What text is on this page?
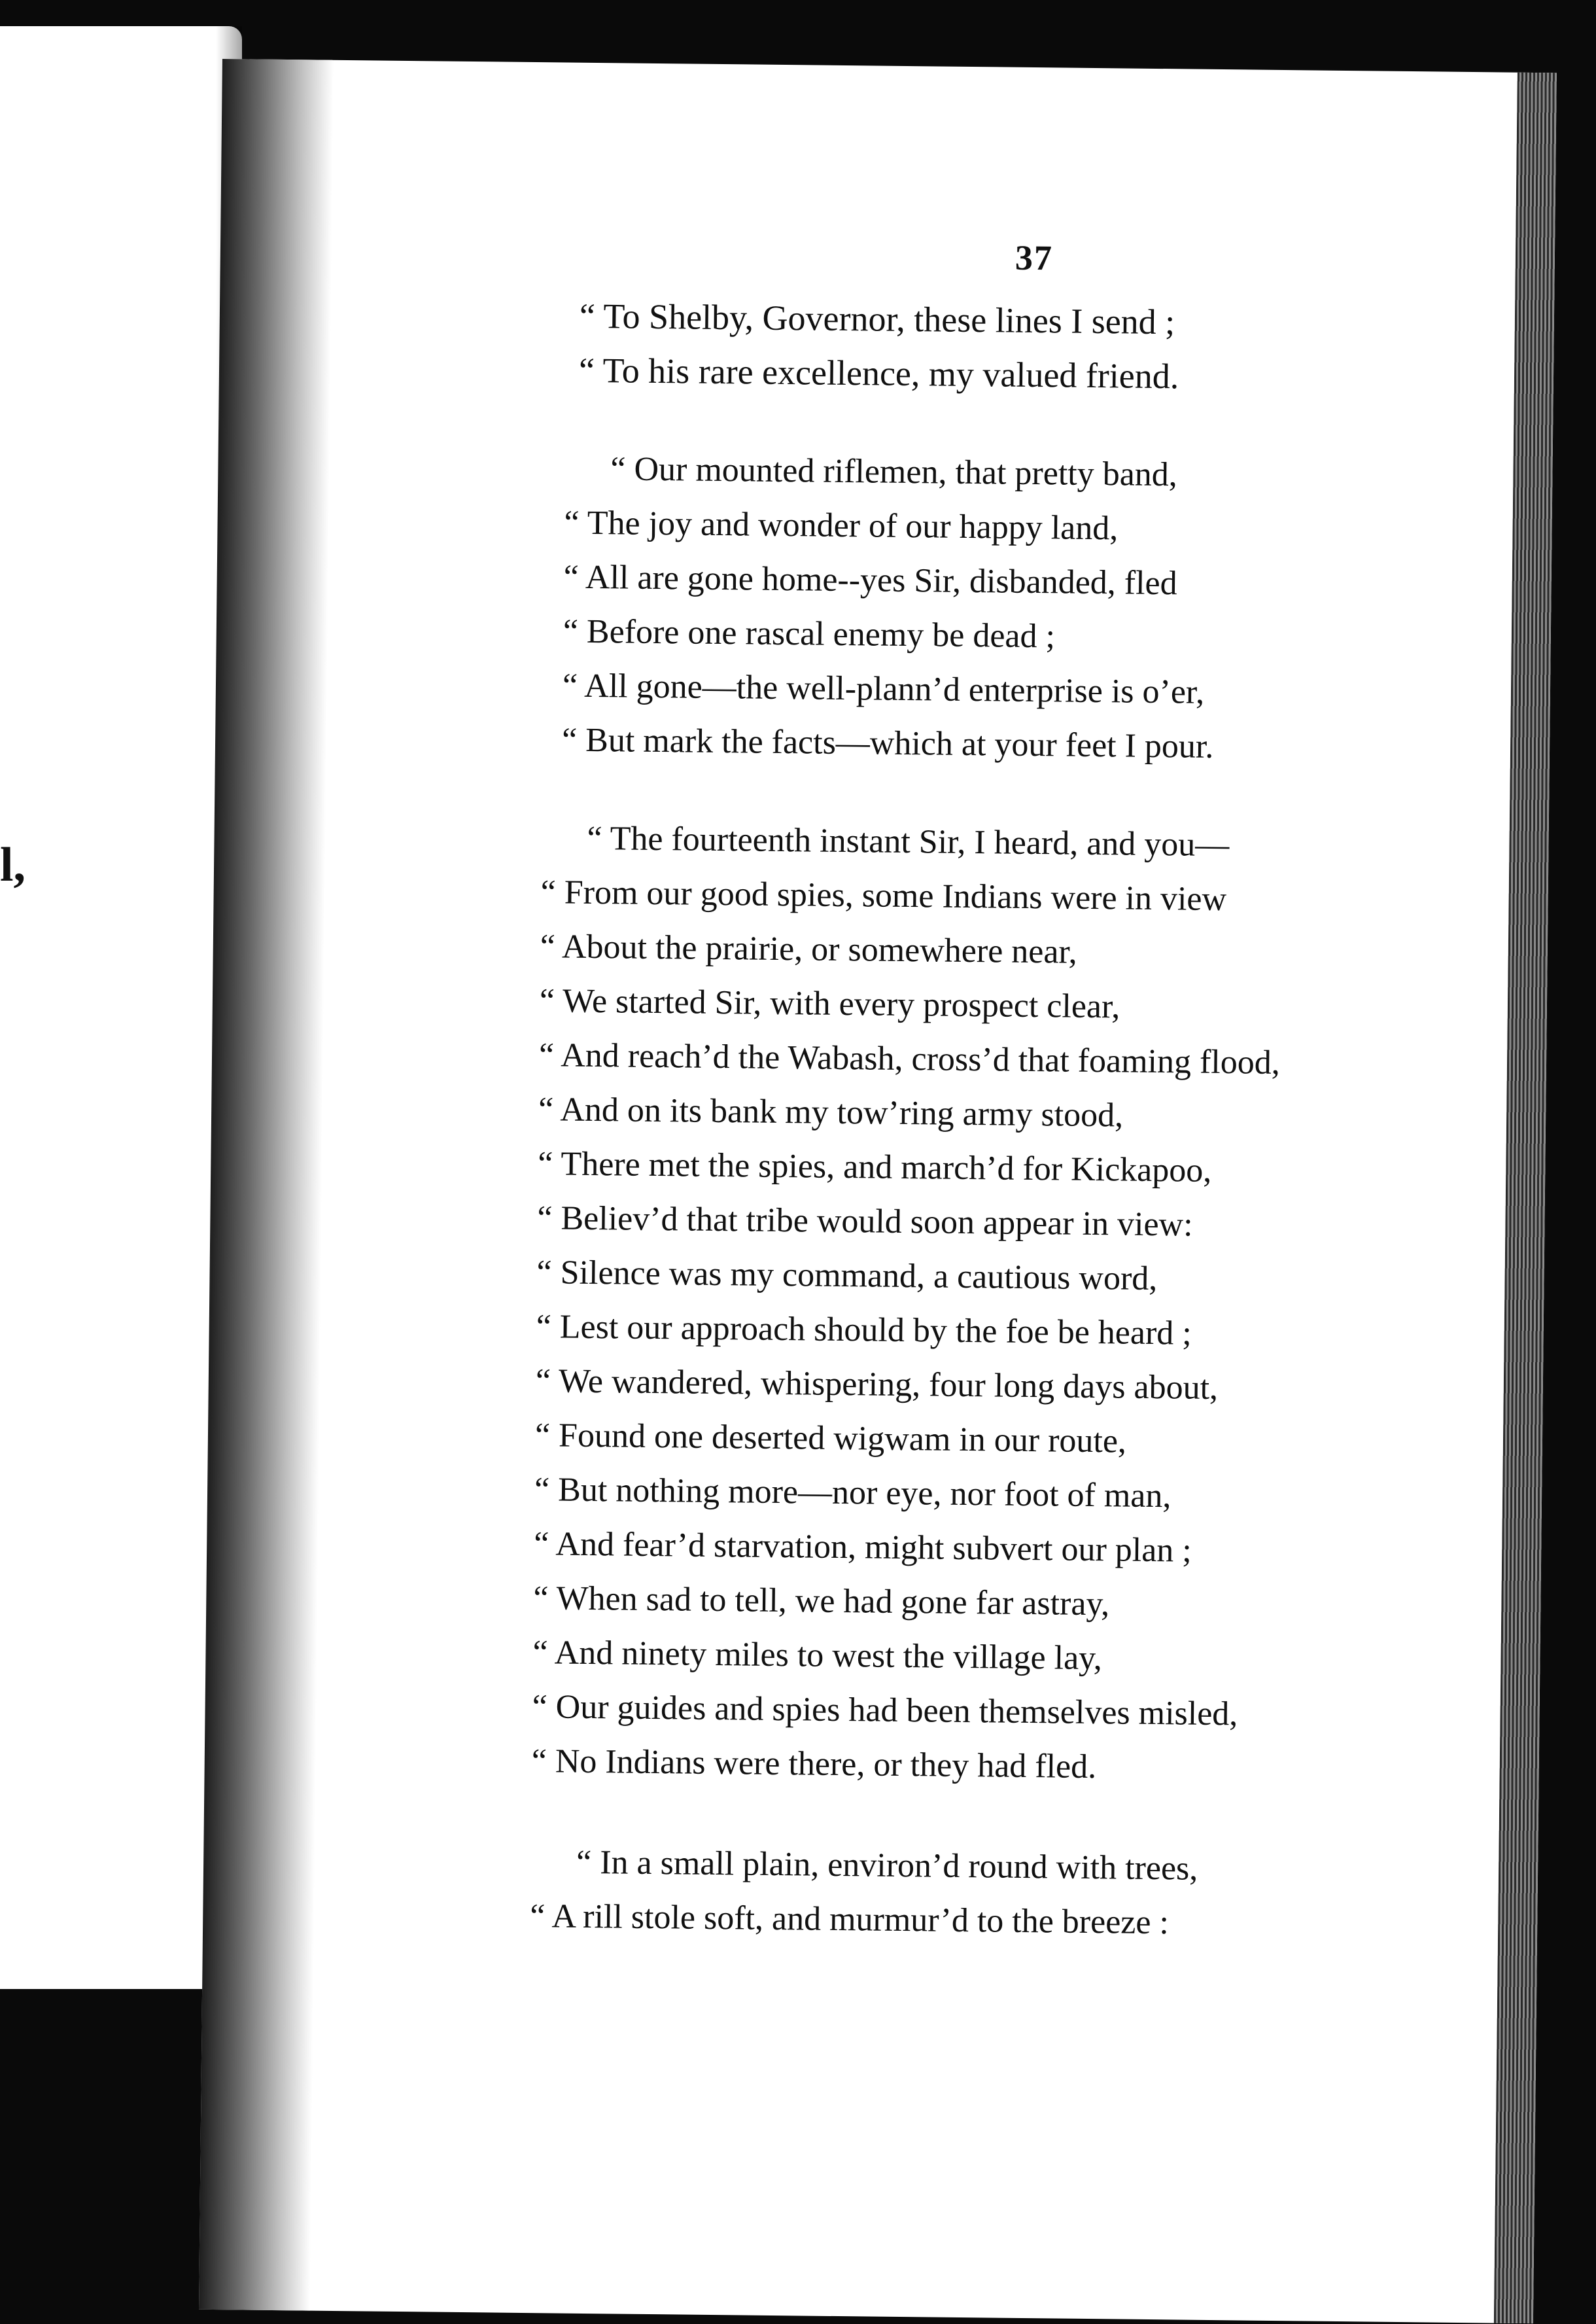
l,

37

“ To Shelby, Governor, these lines I send ;
“ To his rare excellence, my valued friend.
“ Our mounted riflemen, that pretty band,
“ The joy and wonder of our happy land,
“ All are gone home--yes Sir, disbanded, fled
“ Before one rascal enemy be dead ;
“ All gone—the well-plann’d enterprise is o’er,
“ But mark the facts—which at your feet I pour.
“ The fourteenth instant Sir, I heard, and you—
“ From our good spies, some Indians were in view
“ About the prairie, or somewhere near,
“ We started Sir, with every prospect clear,
“ And reach’d the Wabash, cross’d that foaming flood,
“ And on its bank my tow’ring army stood,
“ There met the spies, and march’d for Kickapoo,
“ Believ’d that tribe would soon appear in view:
“ Silence was my command, a cautious word,
“ Lest our approach should by the foe be heard ;
“ We wandered, whispering, four long days about,
“ Found one deserted wigwam in our route,
“ But nothing more—nor eye, nor foot of man,
“ And fear’d starvation, might subvert our plan ;
“ When sad to tell, we had gone far astray,
“ And ninety miles to west the village lay,
“ Our guides and spies had been themselves misled,
“ No Indians were there, or they had fled.
“ In a small plain, environ’d round with trees,
“ A rill stole soft, and murmur’d to the breeze :
